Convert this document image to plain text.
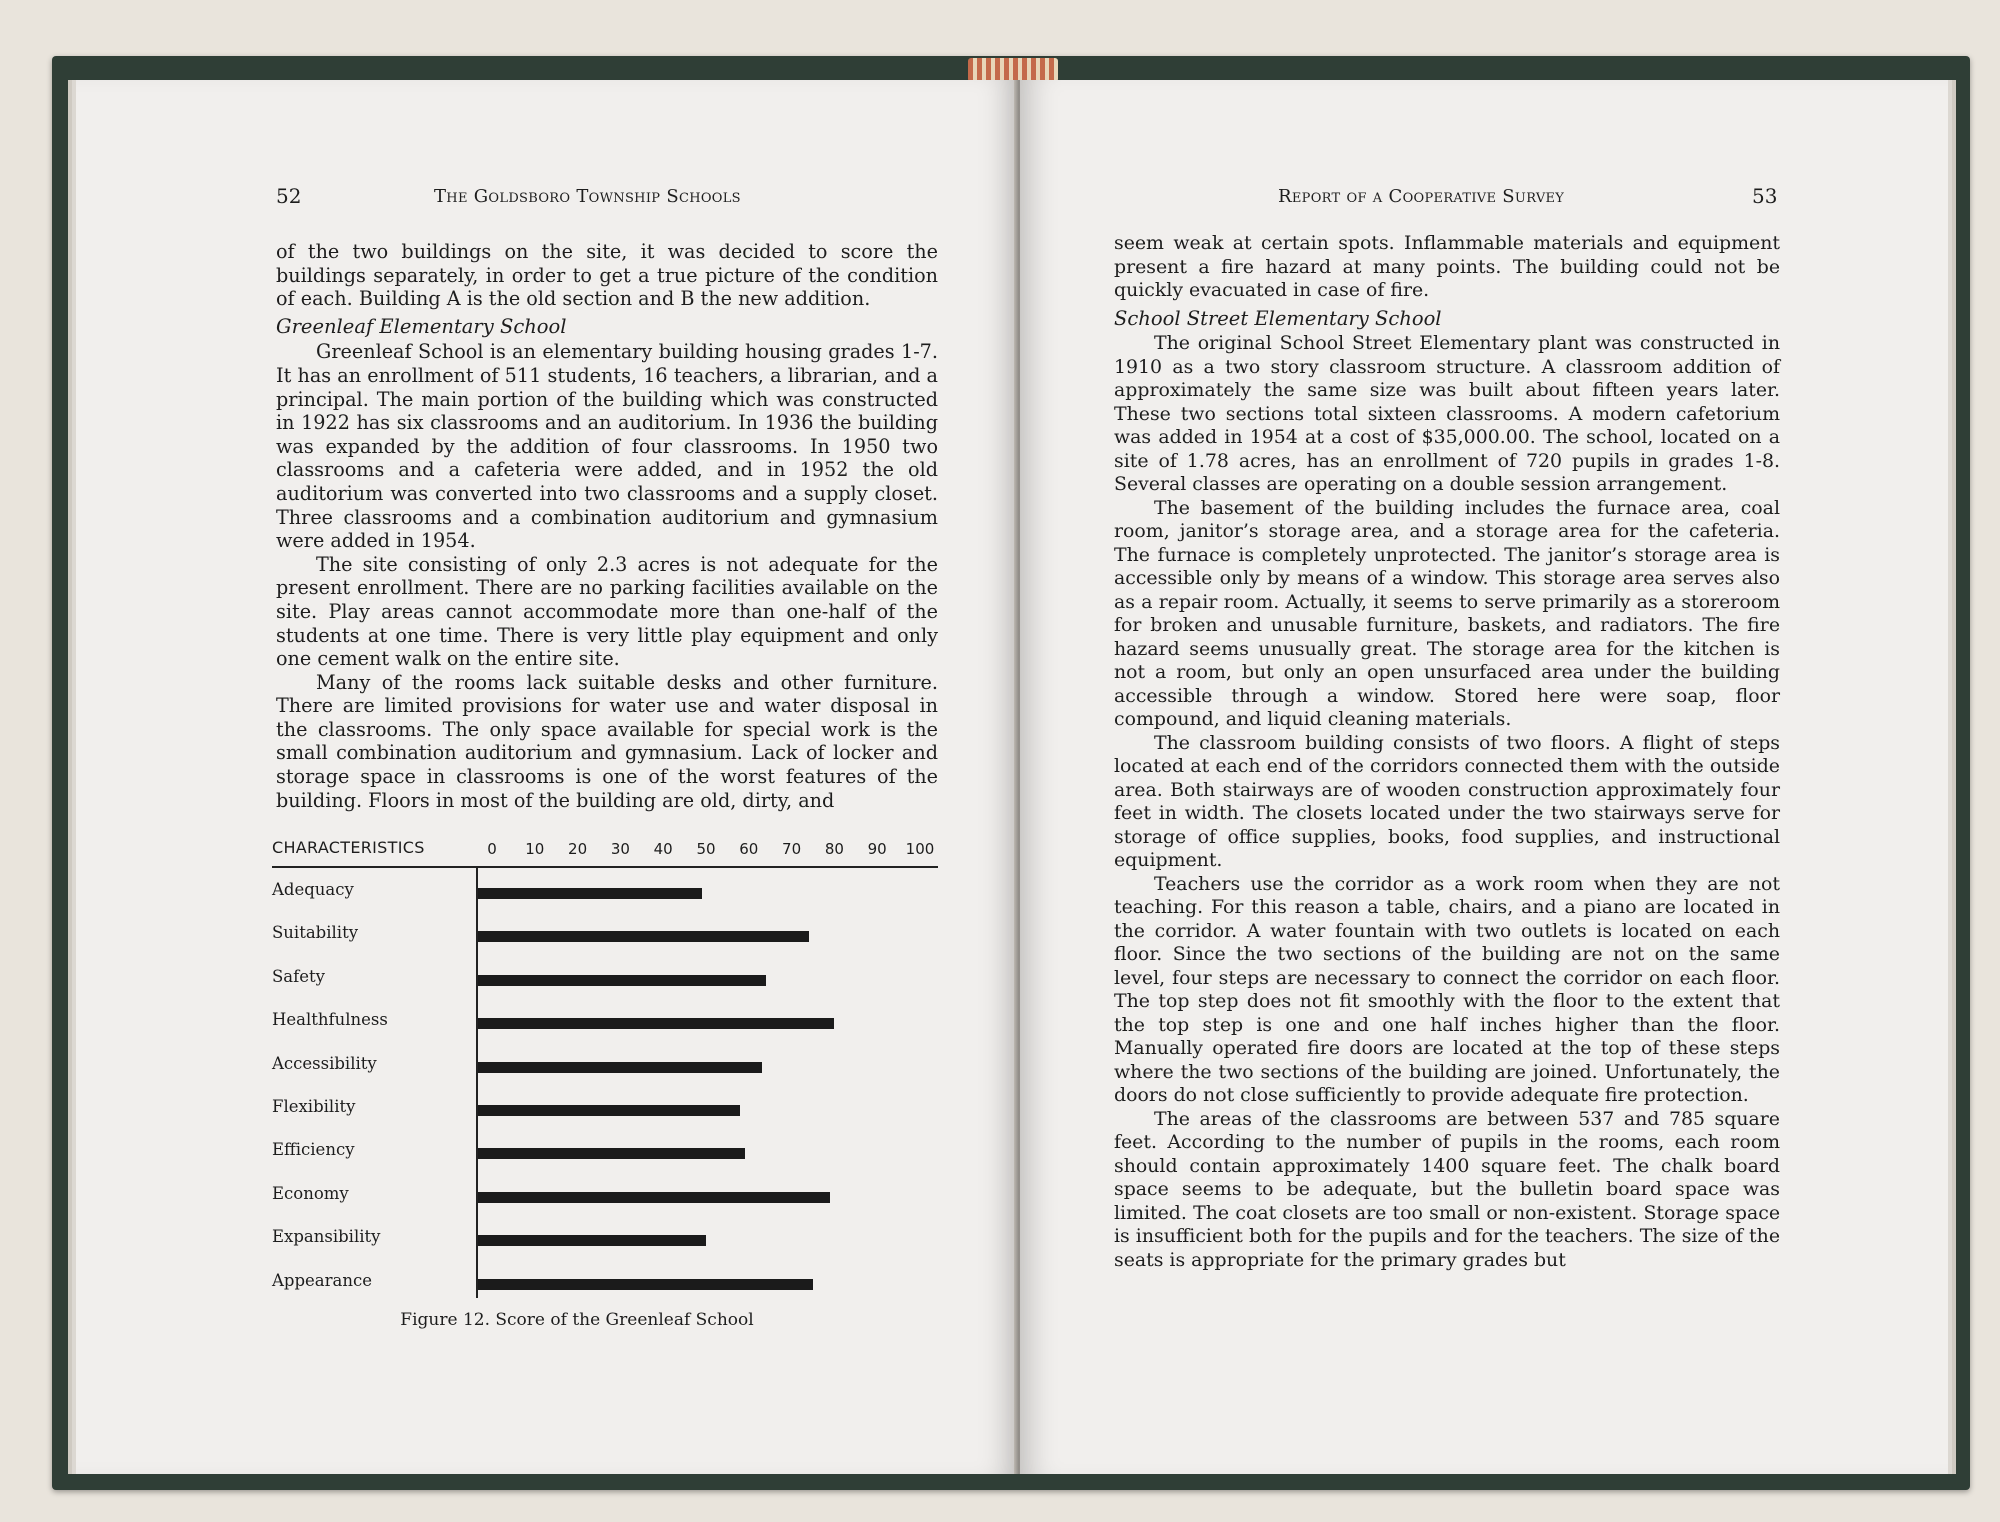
52	The Goldsboro Township Schools

of the two buildings on the site, it was decided to score the buildings separately, in order to get a true picture of the condition of each. Building A is the old section and B the new addition.

Greenleaf Elementary School

Greenleaf School is an elementary building housing grades 1-7. It has an enrollment of 511 students, 16 teachers, a librarian, and a principal. The main portion of the building which was constructed in 1922 has six classrooms and an auditorium. In 1936 the building was expanded by the addition of four classrooms. In 1950 two classrooms and a cafeteria were added, and in 1952 the old auditorium was converted into two classrooms and a supply closet. Three classrooms and a combination auditorium and gymnasium were added in 1954.

The site consisting of only 2.3 acres is not adequate for the present enrollment. There are no parking facilities available on the site. Play areas cannot accommodate more than one-half of the students at one time. There is very little play equipment and only one cement walk on the entire site.

Many of the rooms lack suitable desks and other furniture. There are limited provisions for water use and water disposal in the classrooms. The only space available for special work is the small combination auditorium and gymnasium. Lack of locker and storage space in classrooms is one of the worst features of the building. Floors in most of the building are old, dirty, and

CHARACTERISTICS	0 10 20 30 40 50 60 70 80 90 100
Adequacy
Suitability
Safety
Healthfulness
Accessibility
Flexibility
Efficiency
Economy
Expansibility
Appearance
Figure 12. Score of the Greenleaf School
Report of a Cooperative Survey	53

seem weak at certain spots. Inflammable materials and equipment present a fire hazard at many points. The building could not be quickly evacuated in case of fire.

School Street Elementary School

The original School Street Elementary plant was constructed in 1910 as a two story classroom structure. A classroom addition of approximately the same size was built about fifteen years later. These two sections total sixteen classrooms. A modern cafetorium was added in 1954 at a cost of $35,000.00. The school, located on a site of 1.78 acres, has an enrollment of 720 pupils in grades 1-8. Several classes are operating on a double session arrangement.

The basement of the building includes the furnace area, coal room, janitor’s storage area, and a storage area for the cafeteria. The furnace is completely unprotected. The janitor’s storage area is accessible only by means of a window. This storage area serves also as a repair room. Actually, it seems to serve primarily as a storeroom for broken and unusable furniture, baskets, and radiators. The fire hazard seems unusually great. The storage area for the kitchen is not a room, but only an open unsurfaced area under the building accessible through a window. Stored here were soap, floor compound, and liquid cleaning materials.

The classroom building consists of two floors. A flight of steps located at each end of the corridors connected them with the outside area. Both stairways are of wooden construction approximately four feet in width. The closets located under the two stairways serve for storage of office supplies, books, food supplies, and instructional equipment.

Teachers use the corridor as a work room when they are not teaching. For this reason a table, chairs, and a piano are located in the corridor. A water fountain with two outlets is located on each floor. Since the two sections of the building are not on the same level, four steps are necessary to connect the corridor on each floor. The top step does not fit smoothly with the floor to the extent that the top step is one and one half inches higher than the floor. Manually operated fire doors are located at the top of these steps where the two sections of the building are joined. Unfortunately, the doors do not close sufficiently to provide adequate fire protection.

The areas of the classrooms are between 537 and 785 square feet. According to the number of pupils in the rooms, each room should contain approximately 1400 square feet. The chalk board space seems to be adequate, but the bulletin board space was limited. The coat closets are too small or non-existent. Storage space is insufficient both for the pupils and for the teachers. The size of the seats is appropriate for the primary grades but
